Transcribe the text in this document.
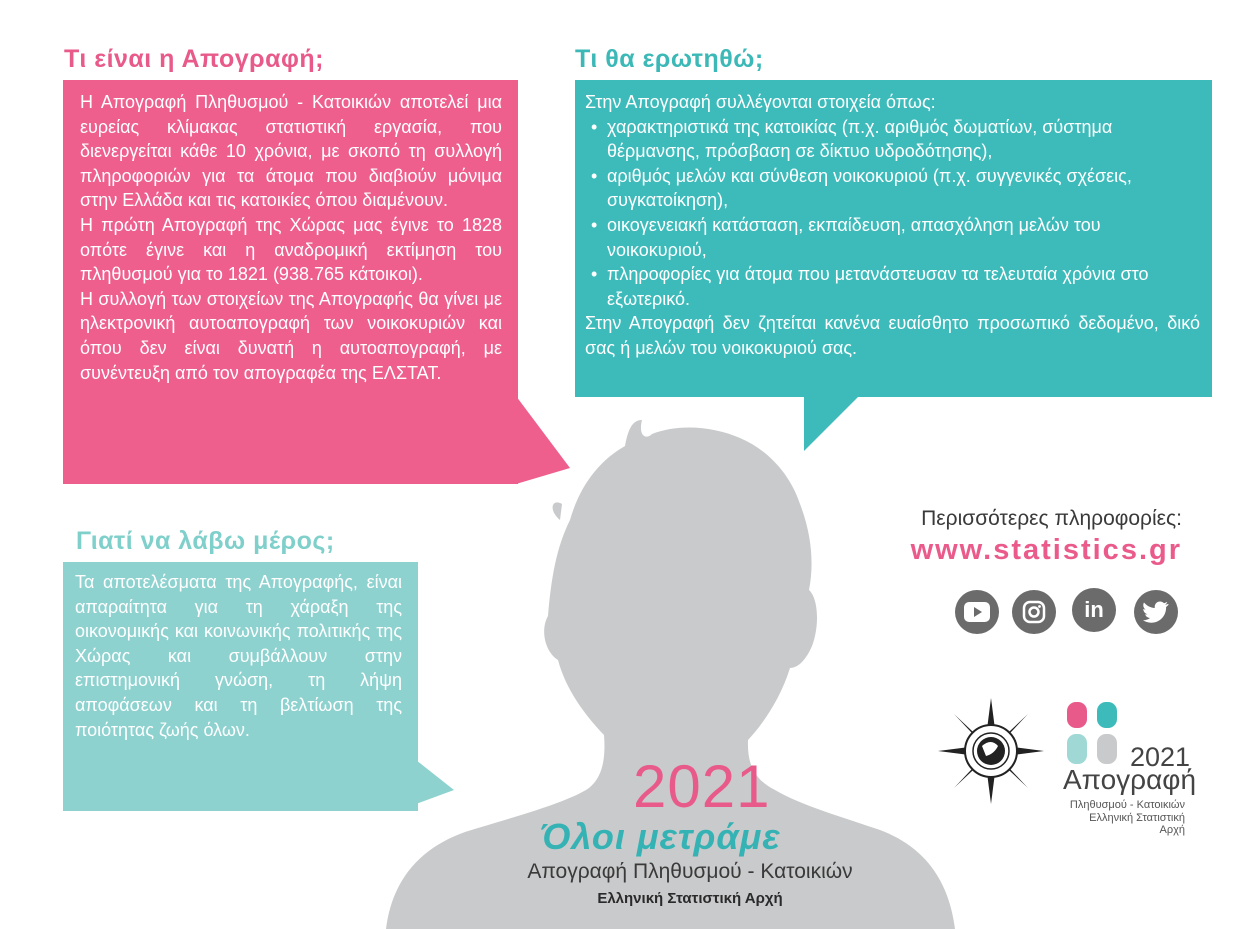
Τι είναι η Απογραφή;

Η Απογραφή Πληθυσμού - Κατοικιών αποτελεί μια ευρείας κλίμακας στατιστική εργασία, που διενεργείται κάθε 10 χρόνια, με σκοπό τη συλλογή πληροφοριών για τα άτομα που διαβιούν μόνιμα στην Ελλάδα και τις κατοικίες όπου διαμένουν.

Η πρώτη Απογραφή της Χώρας μας έγινε το 1828 οπότε έγινε και η αναδρομική εκτίμηση του πληθυσμού για το 1821 (938.765 κάτοικοι).

Η συλλογή των στοιχείων της Απογραφής θα γίνει με ηλεκτρονική αυτοαπογραφή των νοικοκυριών και όπου δεν είναι δυνατή η αυτοαπογραφή, με συνέντευξη από τον απογραφέα της ΕΛΣΤΑΤ.

Τι θα ερωτηθώ;

Στην Απογραφή συλλέγονται στοιχεία όπως:

• χαρακτηριστικά της κατοικίας (π.χ. αριθμός δωματίων, σύστημα θέρμανσης, πρόσβαση σε δίκτυο υδροδότησης),
• αριθμός μελών και σύνθεση νοικοκυριού (π.χ. συγγενικές σχέσεις, συγκατοίκηση),
• οικογενειακή κατάσταση, εκπαίδευση, απασχόληση μελών του νοικοκυριού,
• πληροφορίες για άτομα που μετανάστευσαν τα τελευταία χρόνια στο εξωτερικό.

Στην Απογραφή δεν ζητείται κανένα ευαίσθητο προσωπικό δεδομένο, δικό σας ή μελών του νοικοκυριού σας.

Γιατί να λάβω μέρος;

Τα αποτελέσματα της Απογραφής, είναι απαραίτητα για τη χάραξη της οικονομικής και κοινωνικής πολιτικής της Χώρας και συμβάλλουν στην επιστημονική γνώση, τη λήψη αποφάσεων και τη βελτίωση της ποιότητας ζωής όλων.

Περισσότερες πληροφορίες:
www.statistics.gr
in
2021
Απογραφή
Πληθυσμού - Κατοικιών
Ελληνική Στατιστική Αρχή
2021
Όλοι μετράμε
Απογραφή Πληθυσμού - Κατοικιών
Ελληνική Στατιστική Αρχή
